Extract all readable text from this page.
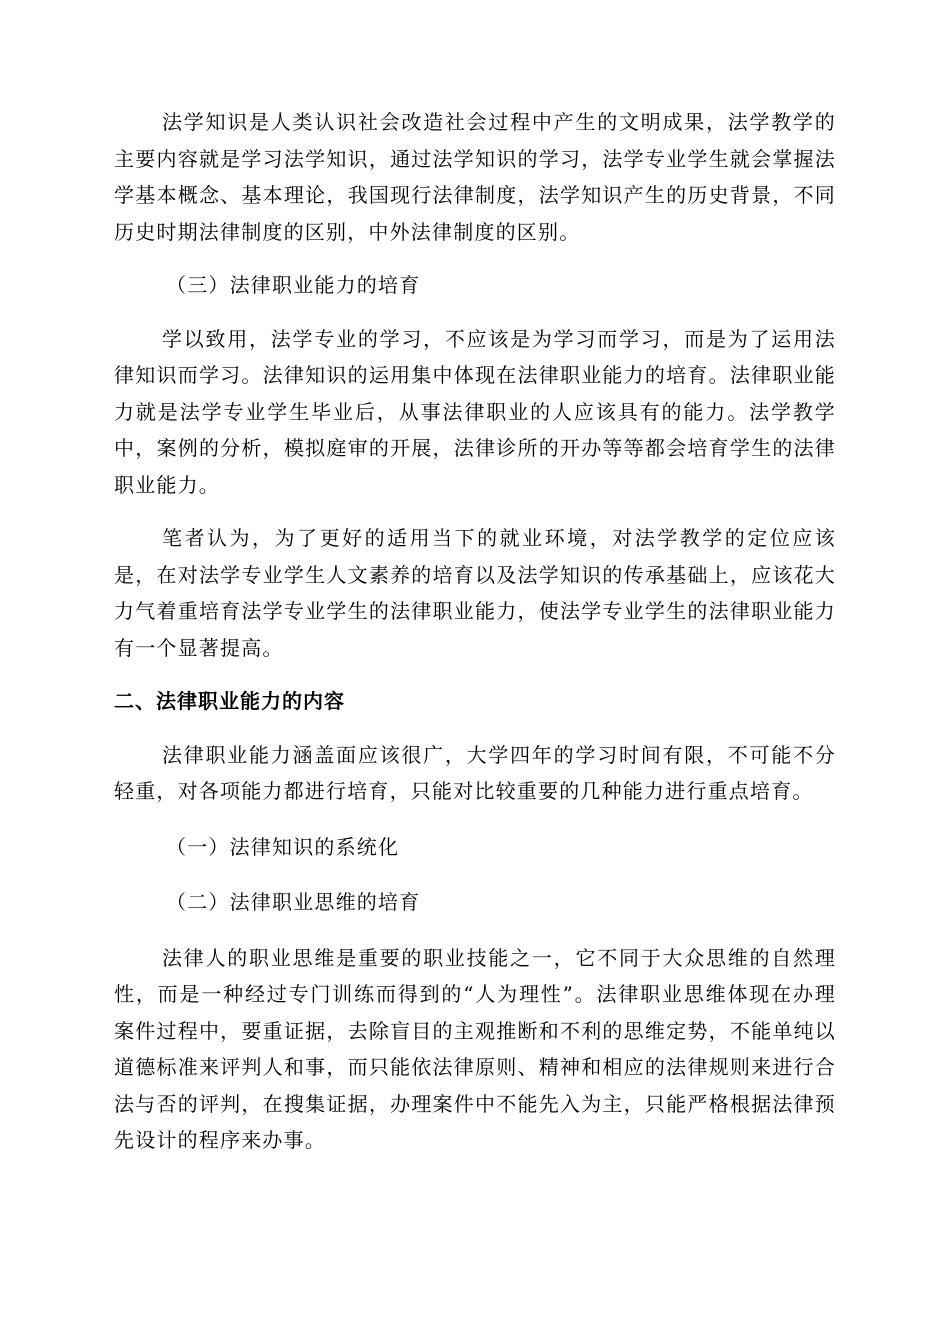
法学知识是人类认识社会改造社会过程中产生的文明成果，法学教学的主要内容就是学习法学知识，通过法学知识的学习，法学专业学生就会掌握法学基本概念、基本理论，我国现行法律制度，法学知识产生的历史背景，不同历史时期法律制度的区别，中外法律制度的区别。

（三）法律职业能力的培育

学以致用，法学专业的学习，不应该是为学习而学习，而是为了运用法律知识而学习。法律知识的运用集中体现在法律职业能力的培育。法律职业能力就是法学专业学生毕业后，从事法律职业的人应该具有的能力。法学教学中，案例的分析，模拟庭审的开展，法律诊所的开办等等都会培育学生的法律职业能力。

笔者认为，为了更好的适用当下的就业环境，对法学教学的定位应该是，在对法学专业学生人文素养的培育以及法学知识的传承基础上，应该花大力气着重培育法学专业学生的法律职业能力，使法学专业学生的法律职业能力有一个显著提高。

二、法律职业能力的内容

法律职业能力涵盖面应该很广，大学四年的学习时间有限，不可能不分轻重，对各项能力都进行培育，只能对比较重要的几种能力进行重点培育。

（一）法律知识的系统化

（二）法律职业思维的培育

法律人的职业思维是重要的职业技能之一，它不同于大众思维的自然理性，而是一种经过专门训练而得到的“人为理性”。法律职业思维体现在办理案件过程中，要重证据，去除盲目的主观推断和不利的思维定势，不能单纯以道德标准来评判人和事，而只能依法律原则、精神和相应的法律规则来进行合法与否的评判，在搜集证据，办理案件中不能先入为主，只能严格根据法律预先设计的程序来办事。
